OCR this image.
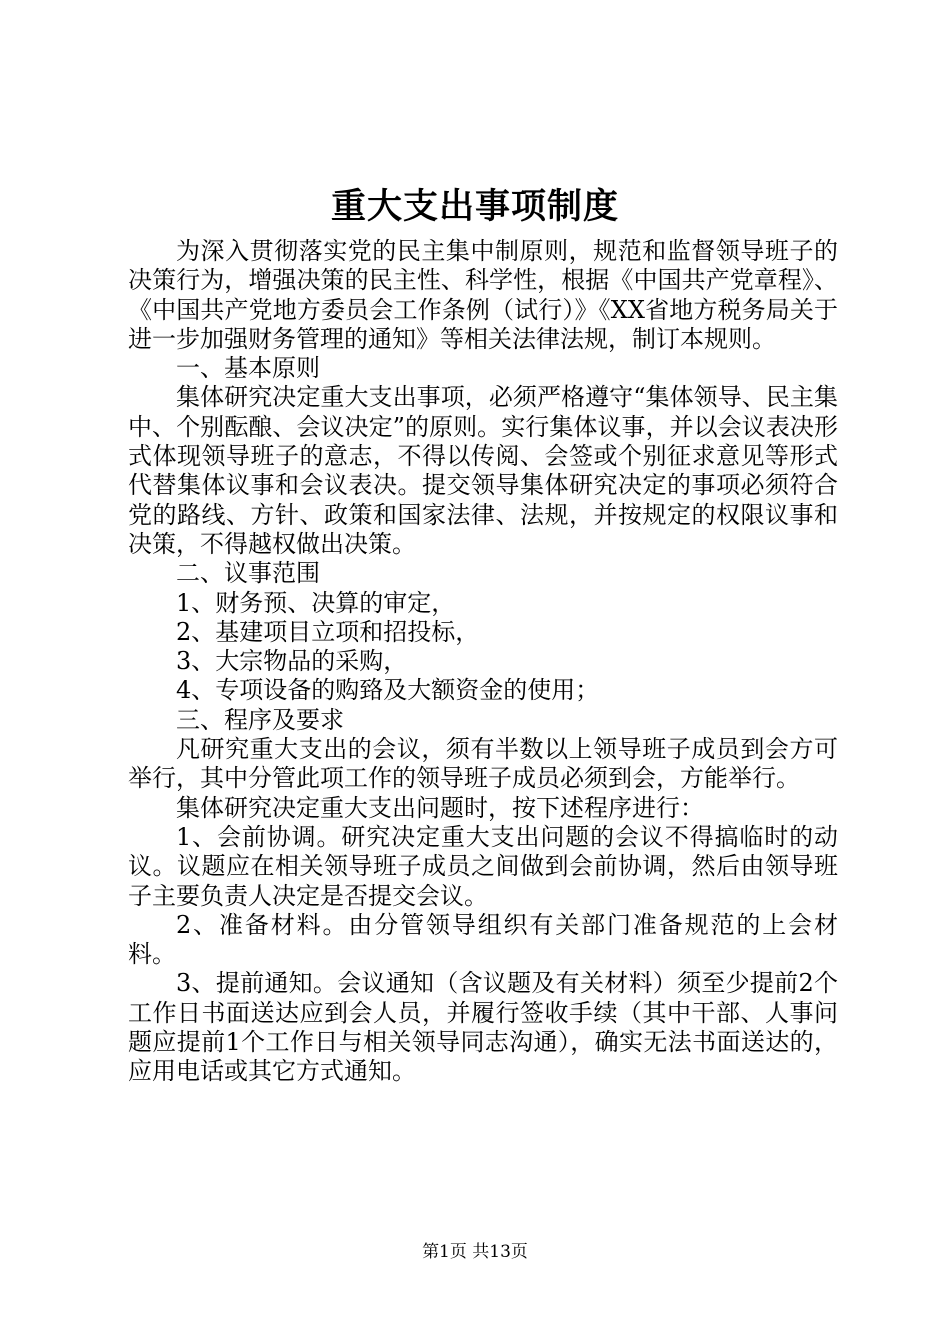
重大支出事项制度

为深入贯彻落实党的民主集中制原则，规范和监督领导班子的决策行为，增强决策的民主性、科学性，根据《中国共产党章程》、《中国共产党地方委员会工作条例（试行）》《XX省地方税务局关于进一步加强财务管理的通知》等相关法律法规，制订本规则。

一、基本原则

集体研究决定重大支出事项，必须严格遵守“集体领导、民主集中、个别酝酿、会议决定”的原则。实行集体议事，并以会议表决形式体现领导班子的意志，不得以传阅、会签或个别征求意见等形式代替集体议事和会议表决。提交领导集体研究决定的事项必须符合党的路线、方针、政策和国家法律、法规，并按规定的权限议事和决策，不得越权做出决策。

二、议事范围

1、财务预、决算的审定，

2、基建项目立项和招投标，

3、大宗物品的采购，

4、专项设备的购臵及大额资金的使用；

三、程序及要求

凡研究重大支出的会议，须有半数以上领导班子成员到会方可举行，其中分管此项工作的领导班子成员必须到会，方能举行。

集体研究决定重大支出问题时，按下述程序进行：

1、会前协调。研究决定重大支出问题的会议不得搞临时的动议。议题应在相关领导班子成员之间做到会前协调，然后由领导班子主要负责人决定是否提交会议。

2、准备材料。由分管领导组织有关部门准备规范的上会材料。

3、提前通知。会议通知（含议题及有关材料）须至少提前2个工作日书面送达应到会人员，并履行签收手续（其中干部、人事问题应提前1个工作日与相关领导同志沟通），确实无法书面送达的，应用电话或其它方式通知。

第1页 共13页
